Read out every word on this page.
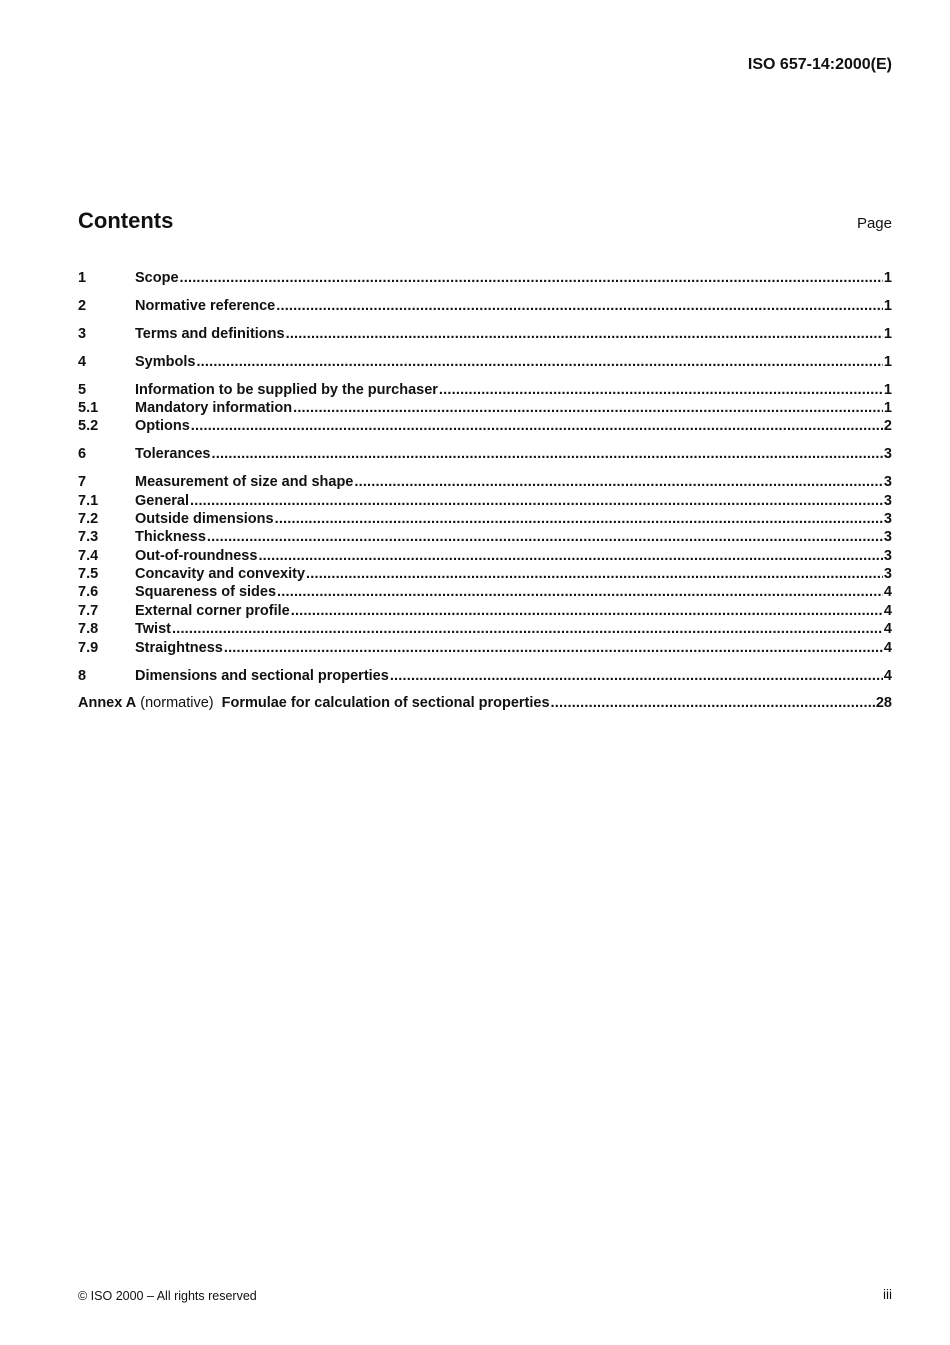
ISO 657-14:2000(E)
Contents	Page
1	Scope .....	1
2	Normative reference .....	1
3	Terms and definitions .....	1
4	Symbols .....	1
5	Information to be supplied by the purchaser .....	1
5.1	Mandatory information .....	1
5.2	Options .....	2
6	Tolerances .....	3
7	Measurement of size and shape .....	3
7.1	General .....	3
7.2	Outside dimensions .....	3
7.3	Thickness .....	3
7.4	Out-of-roundness .....	3
7.5	Concavity and convexity .....	3
7.6	Squareness of sides .....	4
7.7	External corner profile .....	4
7.8	Twist .....	4
7.9	Straightness .....	4
8	Dimensions and sectional properties .....	4
Annex A (normative) Formulae for calculation of sectional properties .....	28
© ISO 2000 – All rights reserved	iii
